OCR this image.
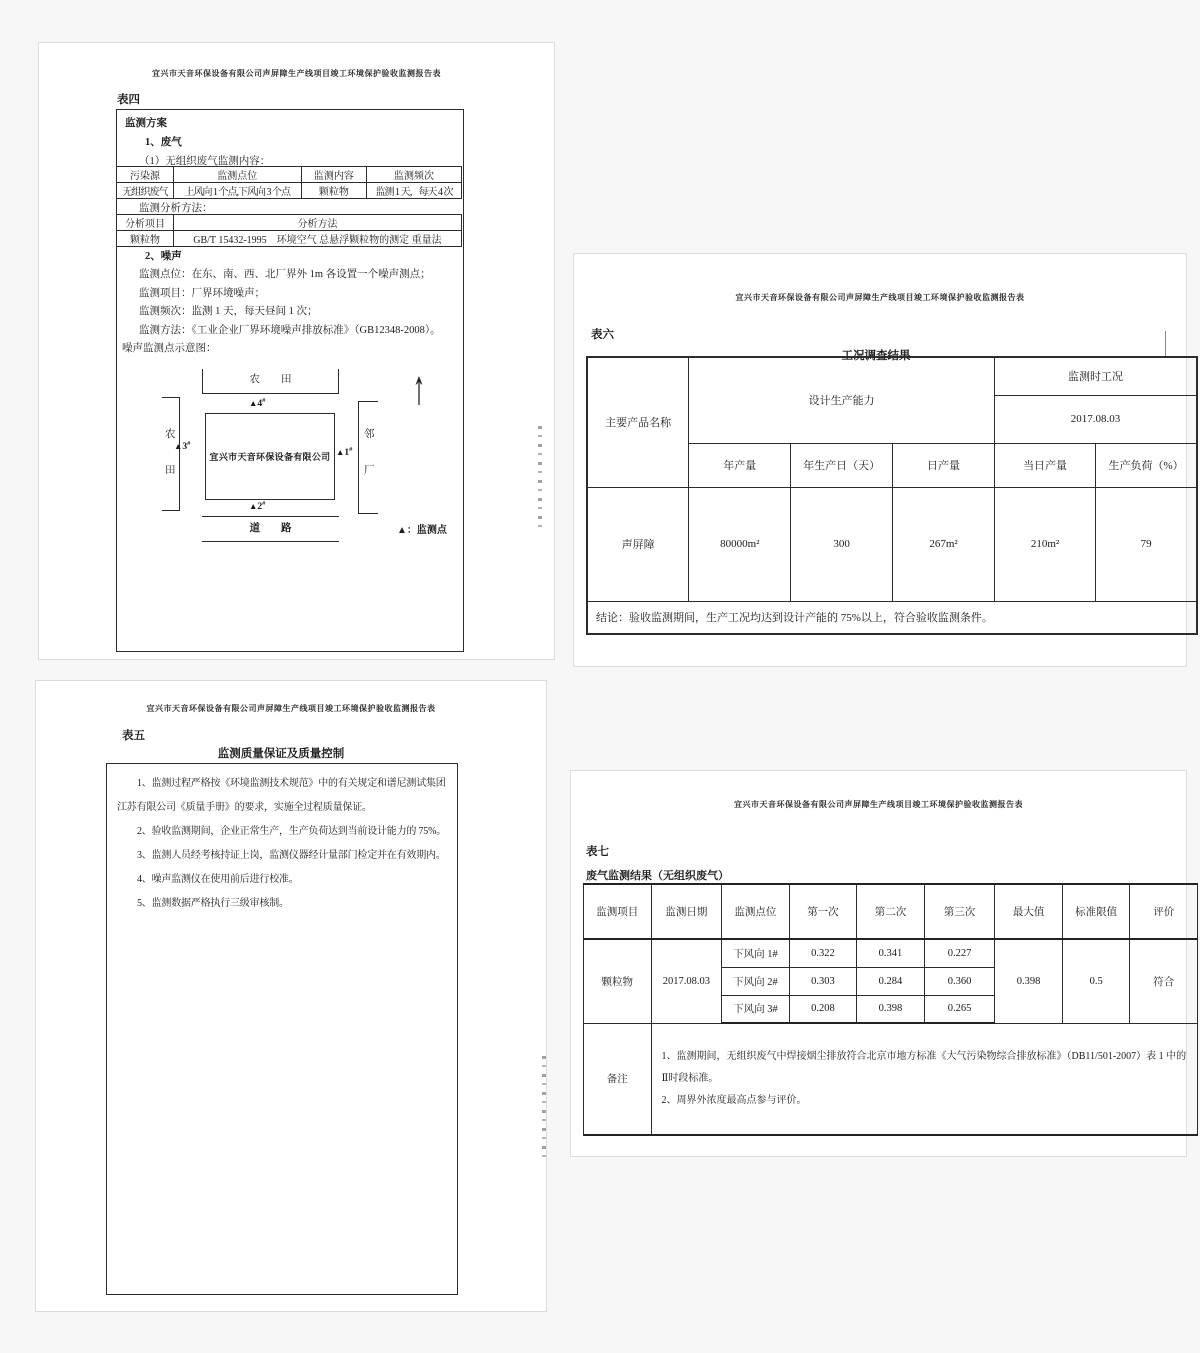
宜兴市天音环保设备有限公司声屏障生产线项目竣工环境保护验收监测报告表
表四
监测方案
1、废气
（1）无组织废气监测内容：
污染源	监测点位	监测内容	监测频次
无组织废气	上风向 1 个点,下风向 3 个点	颗粒物	监测 1 天，每天 4 次
监测分析方法：
分析项目	分析方法
颗粒物	GB/T 15432-1995　环境空气 总悬浮颗粒物的测定 重量法
2、噪声
监测点位：在东、南、西、北厂界外 1m 各设置一个噪声测点；
监测项目：厂界环境噪声；
监测频次：监测 1 天，每天昼间 1 次；
监测方法：《工业企业厂界环境噪声排放标准》（GB12348-2008）。
噪声监测点示意图：
农　　田
农
田
邻
厂
宜兴市天音环保设备有限公司
▲4#
▲3#
▲1#
▲2#
道　　路	▲：监测点
宜兴市天音环保设备有限公司声屏障生产线项目竣工环境保护验收监测报告表
表六
工况调查结果
主要产品名称	设计生产能力			监测时工况	
				2017.08.03	
	年产量	年生产日（天）	日产量	当日产量	生产负荷（%）
声屏障	80000m²	300	267m²	210m²	79
结论：验收监测期间，生产工况均达到设计产能的 75%以上，符合验收监测条件。					
宜兴市天音环保设备有限公司声屏障生产线项目竣工环境保护验收监测报告表
表五
监测质量保证及质量控制
1、监测过程严格按《环境监测技术规范》中的有关规定和谱尼测试集团江苏有限公司《质量手册》的要求，实施全过程质量保证。
2、验收监测期间，企业正常生产，生产负荷达到当前设计能力的 75%。
3、监测人员经考核持证上岗，监测仪器经计量部门检定并在有效期内。
4、噪声监测仪在使用前后进行校准。
5、监测数据严格执行三级审核制。
宜兴市天音环保设备有限公司声屏障生产线项目竣工环境保护验收监测报告表
表七
废气监测结果（无组织废气）
监测项目	监测日期	监测点位	第一次	第二次	第三次	最大值	标准限值	评价
颗粒物	2017.08.03	下风向 1#	0.322	0.341	0.227	0.398	0.5	符合
		下风向 2#	0.303	0.284	0.360			
		下风向 3#	0.208	0.398	0.265			
备注	1、监测期间，无组织废气中焊接烟尘排放符合北京市地方标准《大气污染物综合排放标准》（DB11/501-2007）表 1 中的Ⅱ时段标准。
2、周界外浓度最高点参与评价。							
